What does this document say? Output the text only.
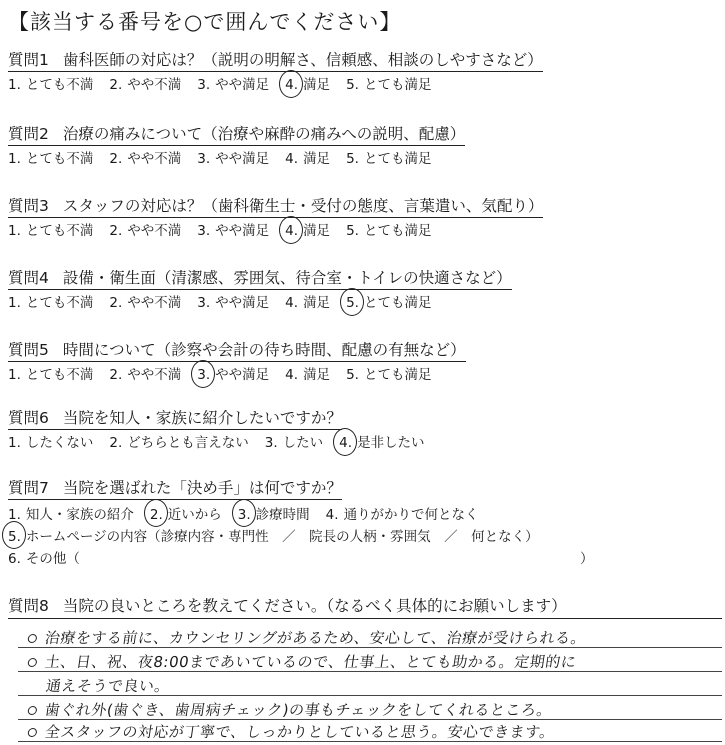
【該当する番号を○で囲んでください】
質問1 歯科医師の対応は？（説明の明解さ、信頼感、相談のしやすさなど）
1. とても不満 2. やや不満 3. やや満足 4. 満足 5. とても満足
質問2 治療の痛みについて（治療や麻酔の痛みへの説明、配慮）
1. とても不満 2. やや不満 3. やや満足 4. 満足 5. とても満足
質問3 スタッフの対応は？（歯科衛生士・受付の態度、言葉遣い、気配り）
1. とても不満 2. やや不満 3. やや満足 4. 満足 5. とても満足
質問4 設備・衛生面（清潔感、雰囲気、待合室・トイレの快適さなど）
1. とても不満 2. やや不満 3. やや満足 4. 満足 5. とても満足
質問5 時間について（診察や会計の待ち時間、配慮の有無など）
1. とても不満 2. やや不満 3. やや満足 4. 満足 5. とても満足
質問6 当院を知人・家族に紹介したいですか？
1. したくない 2. どちらとも言えない 3. したい 4. 是非したい
質問7 当院を選ばれた「決め手」は何ですか？
1. 知人・家族の紹介 2. 近いから 3. 診療時間 4. 通りがかりで何となく
5. ホームページの内容（診療内容・専門性　／　院長の人柄・雰囲気　／　何となく）
6. その他（	）
質問8 当院の良いところを教えてください。（なるべく具体的にお願いします）
治療をする前に、カウンセリングがあるため、安心して、治療が受けられる。
土、日、祝、夜8:00まであいているので、仕事上、とても助かる。定期的に
通えそうで良い。
歯ぐれ外(歯ぐき、歯周病チェック)の事もチェックをしてくれるところ。
全スタッフの対応が丁寧で、しっかりとしていると思う。安心できます。
